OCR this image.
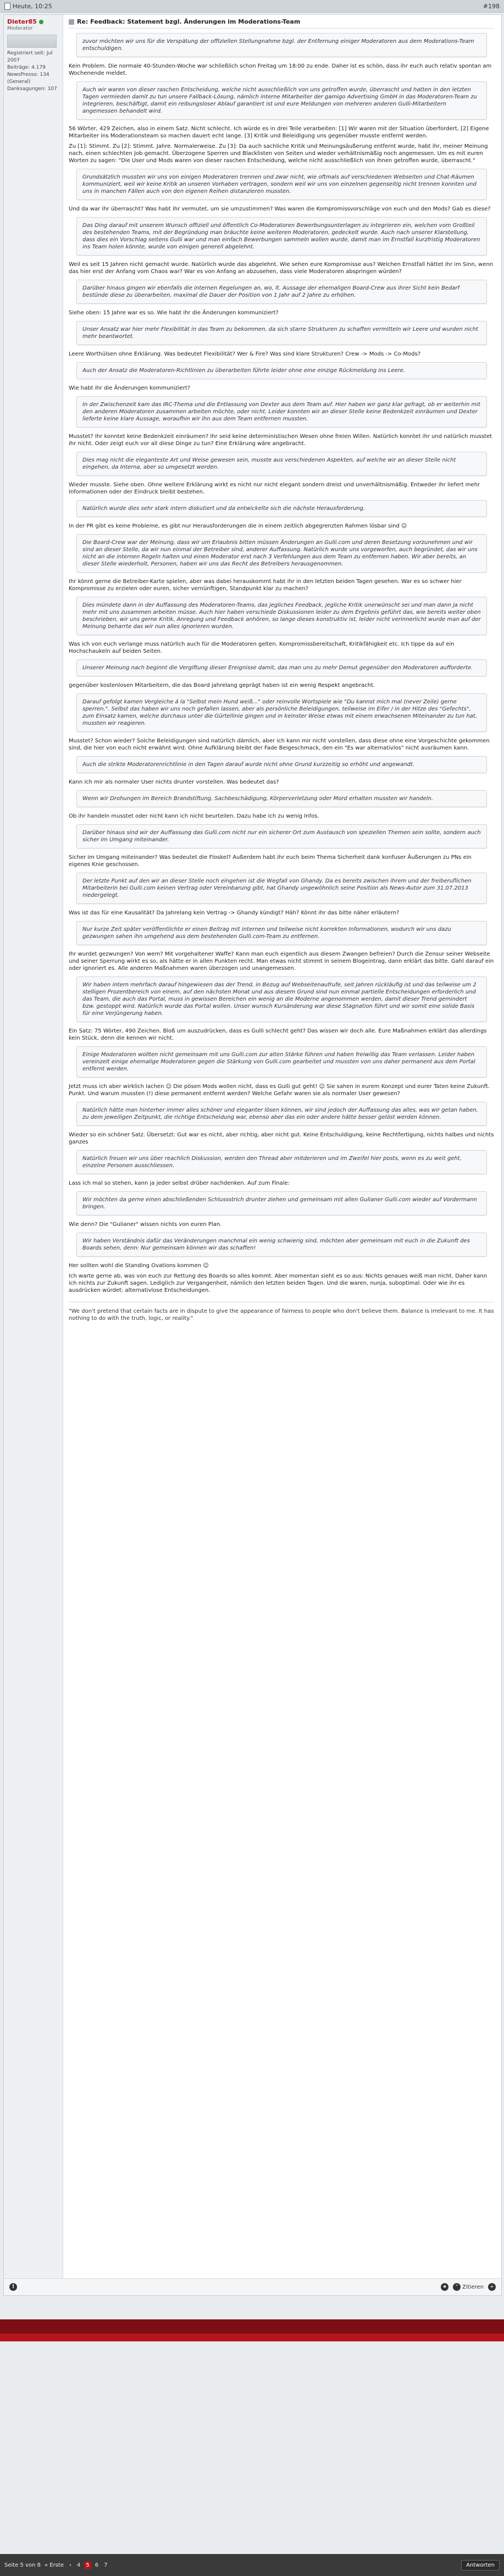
Heute, 10:25	#198
Dieter85
Moderator
Registriert seit: Jul 2007
Beiträge: 4.179
NewsPresso: 134 (General)
Danksagungen: 107
Re: Feedback: Statement bzgl. Änderungen im Moderations-Team
zuvor möchten wir uns für die Verspätung der offiziellen Stellungnahme bzgl. der Entfernung einiger Moderatoren aus dem Moderations-Team entschuldigen.
Kein Problem. Die normale 40-Stunden-Woche war schließlich schon Freitag um 18:00 zu ende. Daher ist es schön, dass ihr euch auch relativ spontan am Wochenende meldet.
Auch wir waren von dieser raschen Entscheidung, welche nicht ausschließlich von uns getroffen wurde, überrascht und hatten in den letzten Tagen vermieden damit zu tun unsere Fallback-Lösung, nämlich interne Mitarbeiter der gamigo Advertising GmbH in das Moderatoren-Team zu integrieren, beschäftigt, damit ein reibungsloser Ablauf garantiert ist und eure Meldungen von mehreren anderen Gulli-Mitarbeitern angemessen behandelt wird.
56 Wörter, 429 Zeichen, also in einem Satz. Nicht schlecht. Ich würde es in drei Teile verarbeiten: [1] Wir waren mit der Situation überfordert, [2] Eigene Mitarbeiter ins Moderationsteam so machen dauert echt lange. [3] Kritik und Beleidigung uns gegenüber musste entfernt werden.
Zu [1]: Stimmt. Zu [2]: Stimmt. Jahre. Normalerweise. Zu [3]: Da auch sachliche Kritik und Meinungsäußerung entfernt wurde, habt ihr, meiner Meinung nach, einen schlechten Job gemacht. Überzogene Sperren und Blacklisten von Seiten und wieder verhältnismäßig noch angemessen. Um es mit euren Worten zu sagen: "Die User und Mods waren von dieser raschen Entscheidung, welche nicht ausschließlich von ihnen getroffen wurde, überrascht."
Grundsätzlich mussten wir uns von einigen Moderatoren trennen und zwar nicht, wie oftmals auf verschiedenen Webseiten und Chat-Räumen kommuniziert, weil wir keine Kritik an unseren Vorhaben vertragen, sondern weil wir uns von einzelnen gegenseitig nicht trennen konnten und uns in manchen Fällen auch von den eigenen Reihen distanzieren mussten.
Und da war ihr überrascht? Was habt ihr vermutet, um sie umzustimmen? Was waren die Kompromissvorschläge von euch und den Mods? Gab es diese?
Das Ding darauf mit unserem Wunsch offiziell und öffentlich Co-Moderatoren Bewerbungsunterlagen zu integrieren ein, welchen vom Großteil des bestehenden Teams, mit der Begründung man bräuchte keine weiteren Moderatoren, gedeckelt wurde. Auch nach unserer Klarstellung, dass dies ein Vorschlag seitens Gulli war und man einfach Bewerbungen sammeln wollen wurde, damit man im Ernstfall kurzfristig Moderatoren ins Team holen könnte, wurde von einigen generell abgelehnt.
Weil es seit 15 Jahren nicht gemacht wurde. Natürlich wurde das abgelehnt. Wie sehen eure Kompromisse aus? Welchen Ernstfall hättet ihr im Sinn, wenn das hier erst der Anfang vom Chaos war? War es von Anfang an abzusehen, dass viele Moderatoren abspringen würden?
Darüber hinaus gingen wir ebenfalls die internen Regelungen an, wo, lt. Aussage der ehemaligen Board-Crew aus ihrer Sicht kein Bedarf bestünde diese zu überarbeiten, maximal die Dauer der Position von 1 Jahr auf 2 Jahre zu erhöhen.
Siehe oben: 15 Jahre war es so. Wie habt ihr die Änderungen kommuniziert?
Unser Ansatz war hier mehr Flexibilität in das Team zu bekommen, da sich starre Strukturen zu schaffen vermitteln wir Leere und wurden nicht mehr beantwortet.
Leere Worthülsen ohne Erklärung. Was bedeutet Flexibilität? Wer & Fire? Was sind klare Strukturen? Crew -> Mods -> Co-Mods?
Auch der Ansatz die Moderatoren-Richtlinien zu überarbeiten führte leider ohne eine einzige Rückmeldung ins Leere.
Wie habt ihr die Änderungen kommuniziert?
In der Zwischenzeit kam das IRC-Thema und die Entlassung von Dexter aus dem Team auf. Hier haben wir ganz klar gefragt, ob er weiterhin mit den anderen Moderatoren zusammen arbeiten möchte, oder nicht. Leider konnten wir an dieser Stelle keine Bedenkzeit einräumen und Dexter lieferte keine klare Aussage, woraufhin wir ihn aus dem Team entfernen mussten.
Musstet? Ihr konntet keine Bedenkzeit einräumen? Ihr seid keine deterministischen Wesen ohne freien Willen. Natürlich konntet ihr und natürlich musstet ihr nicht. Oder zeigt euch vor all diese Dinge zu tun? Eine Erklärung wäre angebracht.
Dies mag nicht die eleganteste Art und Weise gewesen sein, musste aus verschiedenen Aspekten, auf welche wir an dieser Stelle nicht eingehen, da Interna, aber so umgesetzt werden.
Wieder musste. Siehe oben. Ohne weitere Erklärung wirkt es nicht nur nicht elegant sondern dreist und unverhältnismäßig. Entweder ihr liefert mehr Informationen oder der Eindruck bleibt bestehen.
Natürlich wurde dies sehr stark intern diskutiert und da entwickelte sich die nächste Herausforderung.
In der PR gibt es keine Probleme, es gibt nur Herausforderungen die in einem zeitlich abgegrenzten Rahmen lösbar sind ☺
Die Board-Crew war der Meinung, dass wir um Erlaubnis bitten müssen Änderungen an Gulli.com und deren Besetzung vorzunehmen und wir sind an dieser Stelle, da wir nun einmal der Betreiber sind, anderer Auffassung. Natürlich wurde uns vorgeworfen, auch begründet, das wir uns nicht an die internen Regeln halten und einen Moderator erst nach 3 Verfehlungen aus dem Team zu entfernen haben. Wir aber bereits, an dieser Stelle wiederholt, Personen, haben wir uns das Recht des Betreibers herausgenommen.
Ihr könnt gerne die Betreiber-Karte spielen, aber was dabei herauskommt habt ihr in den letzten beiden Tagen gesehen. War es so schwer hier Kompromisse zu erzielen oder euren, sicher vernünftigen, Standpunkt klar zu machen?
Dies mündete dann in der Auffassung des Moderatoren-Teams, das jegliches Feedback, jegliche Kritik unerwünscht sei und man dann ja nicht mehr mit uns zusammen arbeiten müsse. Auch hier haben verschiede Diskussionen leider zu dem Ergebnis geführt das, wie bereits weiter oben beschrieben, wir uns gerne Kritik, Anregung und Feedback anhören, so lange dieses konstruktiv ist, leider nicht verinnerlicht wurde man auf der Meinung beharrte das wir nun alles ignorieren wurden.
Was ich von euch verlange muss natürlich auch für die Moderatoren gelten. Kompromissbereitschaft, Kritikfähigkeit etc. Ich tippe da auf ein Hochschaukeln auf beiden Seiten.
Unserer Meinung nach beginnt die Vergiftung dieser Ereignisse damit, das man uns zu mehr Demut gegenüber den Moderatoren aufforderte.
gegenüber kostenlosen Mitarbeitern, die das Board jahrelang geprägt haben ist ein wenig Respekt angebracht.
Darauf gefolgt kamen Vergleiche á la "Selbst mein Hund weiß..." oder reinvolle Wortspiele wie "Du kannst mich mal (never Zeile) gerne sperren.". Selbst das haben wir uns noch gefallen lassen, aber als persönliche Beleidigungen, teilweise im Eifer / in der Hitze des "Gefechts", zum Einsatz kamen, welche durchaus unter die Gürtellinie gingen und in keinster Weise etwas mit einem erwachsenen Miteinander zu tun hat, mussten wir reagieren.
Musstet? Schon wieder? Solche Beleidigungen sind natürlich dämlich, aber ich kann mir nicht vorstellen, dass diese ohne eine Vorgeschichte gekommen sind, die hier von euch nicht erwähnt wird. Ohne Aufklärung bleibt der Fade Beigeschmack, den ein "Es war alternativlos" nicht ausräumen kann.
Auch die strikte Moderatorenrichtlinie in den Tagen darauf wurde nicht ohne Grund kurzzeitig so erhöht und angewandt.
Kann ich mir als normaler User nichts drunter vorstellen. Was bedeutet das?
Wenn wir Drohungen im Bereich Brandstiftung, Sachbeschädigung, Körperverletzung oder Mord erhalten mussten wir handeln.
Ob ihr handeln musstet oder nicht kann ich nicht beurteilen. Dazu habe ich zu wenig Infos.
Darüber hinaus sind wir der Auffassung das Gulli.com nicht nur ein sicherer Ort zum Austausch von speziellen Themen sein sollte, sondern auch sicher im Umgang miteinander.
Sicher im Umgang miteinander? Was bedeutet die Floskel? Außerdem habt ihr euch beim Thema Sicherheit dank konfuser Äußerungen zu PNs ein eigenes Knie geschossen.
Der letzte Punkt auf den wir an dieser Stelle noch eingehen ist die Wegfall von Ghandy. Da es bereits zwischen ihrem und der freiberuflichen Mitarbeiterin bei Gulli.com keinen Vertrag oder Vereinbarung gibt, hat Ghandy ungewöhnlich seine Position als News-Autor zum 31.07.2013 niedergelegt.
Was ist das für eine Kausalität? Da Jahrelang kein Vertrag -> Ghandy kündigt? Häh? Könnt ihr das bitte näher erläutern?
Nur kurze Zeit später veröffentlichte er einen Beitrag mit internen und teilweise nicht korrekten Informationen, wodurch wir uns dazu gezwungen sahen ihn umgehend aus dem bestehenden Gulli.com-Team zu entfernen.
Ihr wurdet gezwungen? Von wem? Mit vorgehaltener Waffe? Kann man euch eigentlich aus diesem Zwangen befreien? Durch die Zensur seiner Webseite und seiner Sperrung wirkt es so, als hätte er in allen Punkten recht. Man etwas nicht stimmt in seinem Blogeintrag, dann erklärt das bitte. Gahl darauf ein oder ignoriert es. Alle anderen Maßnahmen waren überzogen und unangemessen.
Wir haben intern mehrfach darauf hingewiesen das der Trend, in Bezug auf Webseitenaufrufe, seit Jahren rückläufig ist und das teilweise um 2 stelligen Prozentbereich von einem, auf den nächsten Monat und aus diesem Grund sind nun einmal partielle Entscheidungen erforderlich und das Team, die auch das Portal, muss in gewissen Bereichen ein wenig an die Moderne angenommen werden, damit dieser Trend gemindert bzw. gestoppt wird. Natürlich wurde das Portal wollen. Unser wunsch Kursänderung war diese Stagnation führt und wir somit eine solide Basis für eine Verjüngerung haben.
Ein Satz: 75 Wörter, 490 Zeichen. Bloß um auszudrücken, dass es Gulli schlecht geht? Das wissen wir doch alle. Eure Maßnahmen erklärt das allerdings kein Stück, denn die kennen wir nicht.
Einige Moderatoren wollten nicht gemeinsam mit uns Gulli.com zur alten Stärke führen und haben freiwillig das Team verlassen. Leider haben vereinzelt einige ehemalige Moderatoren gegen die Stärkung von Gulli.com gearbeitet und mussten von uns daher permanent aus dem Portal entfernt werden.
Jetzt muss ich aber wirklich lachen ☺ Die pösen Mods wollen nicht, dass es Gulli gut geht! ☺ Sie sahen in eurem Konzept und eurer Taten keine Zukunft. Punkt. Und warum mussten (!) diese permanent entfernt werden? Welche Gefahr waren sie als normaler User gewesen?
Natürlich hätte man hinterher immer alles schöner und eleganter lösen können, wir sind jedoch der Auffassung das alles, was wir getan haben, zu dem jeweiligen Zeitpunkt, die richtige Entscheidung war, ebenso aber das ein oder andere hätte besser gelöst werden können.
Wieder so ein schöner Satz. Übersetzt: Gut war es nicht, aber richtig, aber nicht gut. Keine Entschuldigung, keine Rechtfertigung, nichts halbes und nichts ganzes
Natürlich freuen wir uns über reachlich Diskussion, werden den Thread aber mitderieren und im Zweifel hier posts, wenn es zu weit geht, einzelne Personen ausschliessen.
Lass ich mal so stehen, kann ja jeder selbst drüber nachdenken. Auf zum Finale:
Wir möchten da gerne einen abschließenden Schlussstrich drunter ziehen und gemeinsam mit allen Gulianer Gulli.com wieder auf Vordermann bringen.
Wie denn? Die "Gulianer" wissen nichts von euren Plan.
Wir haben Verständnis dafür das Veränderungen manchmal ein wenig schwierig sind, möchten aber gemeinsam mit euch in die Zukunft des Boards sehen, denn: Nur gemeinsam können wir das schaffen!
Her sollten wohl die Standing Ovations kommen ☺
Ich warte gerne ab, was von euch zur Rettung des Boards so alles kommt. Aber momentan sieht es so aus: Nichts genaues weiß man nicht. Daher kann ich nichts zur Zukunft sagen. Lediglich zur Vergangenheit, nämlich den letzten beiden Tagen. Und die waren, nunja, suboptimal. Oder wie ihr es ausdrücken würdet: alternativlose Entscheidungen.
"We don't pretend that certain facts are in dispute to give the appearance of fairness to people who don't believe them. Balance is irrelevant to me. It has nothing to do with the truth, logic, or reality."
!	★	“ Zitieren	+
Seite 5 von 8 « Erste	‹	4	5	6	7	Antworten
